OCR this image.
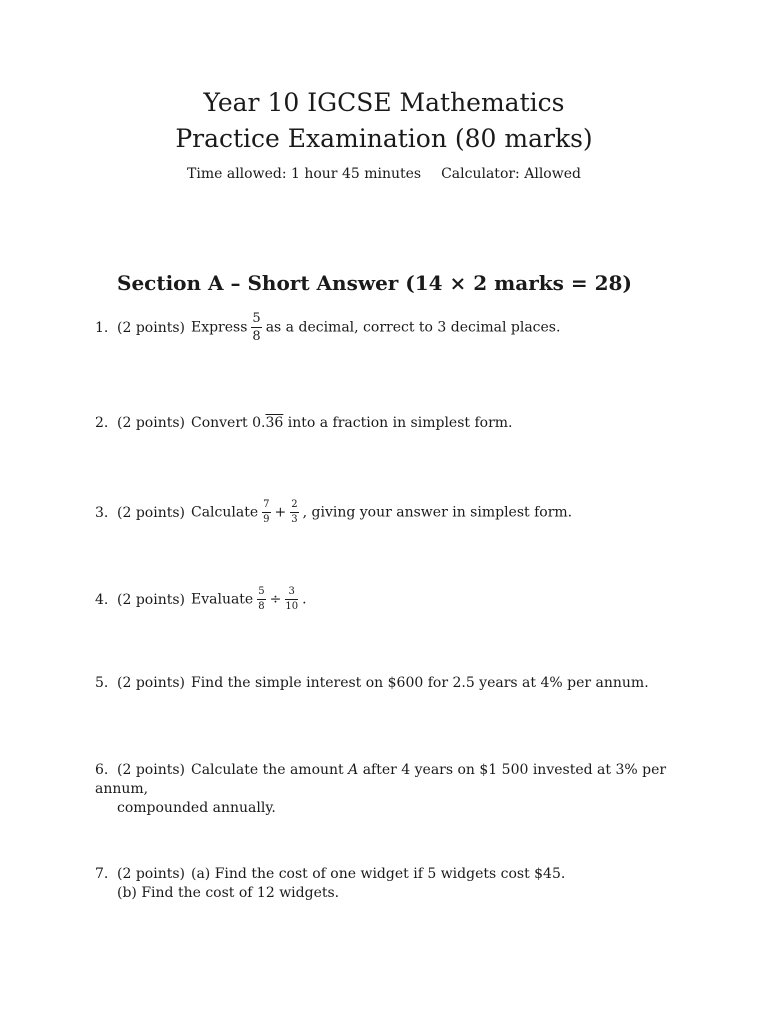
Year 10 IGCSE Mathematics
Practice Examination (80 marks)
Time allowed: 1 hour 45 minutes Calculator: Allowed
Section A – Short Answer (14 × 2 marks = 28)
1. (2 points) Express $\frac{5}{8}$ as a decimal, correct to 3 decimal places.
2. (2 points) Convert 0.36 into a fraction in simplest form.
3. (2 points) Calculate $\frac{7}{9} + \frac{2}{3}$ , giving your answer in simplest form.
4. (2 points) Evaluate $\frac{5}{8} \div \frac{3}{10}$ .
5. (2 points) Find the simple interest on $600 for 2.5 years at 4% per annum.
6. (2 points) Calculate the amount A after 4 years on $1 500 invested at 3% per annum,
compounded annually.
7. (2 points) (a) Find the cost of one widget if 5 widgets cost $45.
(b) Find the cost of 12 widgets.
